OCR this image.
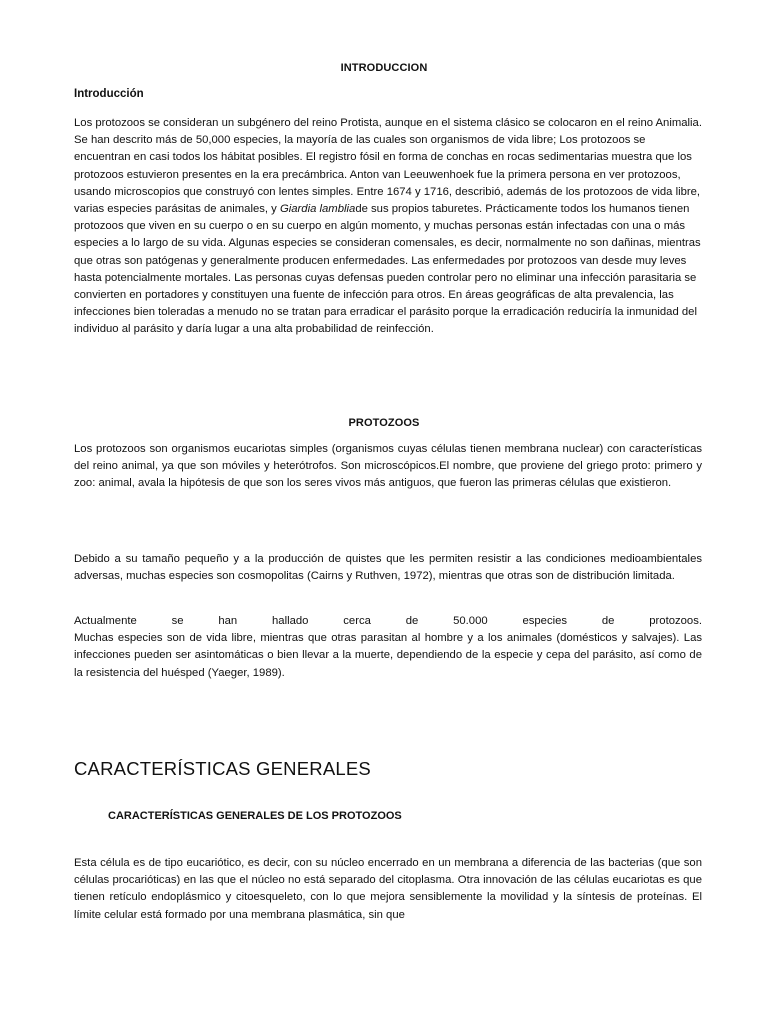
INTRODUCCION
Introducción

Los protozoos se consideran un subgénero del reino Protista, aunque en el sistema clásico se colocaron en el reino Animalia. Se han descrito más de 50,000 especies, la mayoría de las cuales son organismos de vida libre; Los protozoos se encuentran en casi todos los hábitat posibles. El registro fósil en forma de conchas en rocas sedimentarias muestra que los protozoos estuvieron presentes en la era precámbrica. Anton van Leeuwenhoek fue la primera persona en ver protozoos, usando microscopios que construyó con lentes simples. Entre 1674 y 1716, describió, además de los protozoos de vida libre, varias especies parásitas de animales, y Giardia lambliade sus propios taburetes. Prácticamente todos los humanos tienen protozoos que viven en su cuerpo o en su cuerpo en algún momento, y muchas personas están infectadas con una o más especies a lo largo de su vida. Algunas especies se consideran comensales, es decir, normalmente no son dañinas, mientras que otras son patógenas y generalmente producen enfermedades. Las enfermedades por protozoos van desde muy leves hasta potencialmente mortales. Las personas cuyas defensas pueden controlar pero no eliminar una infección parasitaria se convierten en portadores y constituyen una fuente de infección para otros. En áreas geográficas de alta prevalencia, las infecciones bien toleradas a menudo no se tratan para erradicar el parásito porque la erradicación reduciría la inmunidad del individuo al parásito y daría lugar a una alta probabilidad de reinfección.

PROTOZOOS

Los protozoos son organismos eucariotas simples (organismos cuyas células tienen membrana nuclear) con características del reino animal, ya que son móviles y heterótrofos. Son microscópicos.El nombre, que proviene del griego proto: primero y zoo: animal, avala la hipótesis de que son los seres vivos más antiguos, que fueron las primeras células que existieron.

Debido a su tamaño pequeño y a la producción de quistes que les permiten resistir a las condiciones medioambientales adversas, muchas especies son cosmopolitas (Cairns y Ruthven, 1972), mientras que otras son de distribución limitada.

Actualmente se han hallado cerca de 50.000 especies de protozoos.
Muchas especies son de vida libre, mientras que otras parasitan al hombre y a los animales (domésticos y salvajes). Las infecciones pueden ser asintomáticas o bien llevar a la muerte, dependiendo de la especie y cepa del parásito, así como de la resistencia del huésped (Yaeger, 1989).

CARACTERÍSTICAS GENERALES
CARACTERÍSTICAS GENERALES DE LOS PROTOZOOS

Esta célula es de tipo eucariótico, es decir, con su núcleo encerrado en un membrana a diferencia de las bacterias (que son células procarióticas) en las que el núcleo no está separado del citoplasma. Otra innovación de las células eucariotas es que tienen retículo endoplásmico y citoesqueleto, con lo que mejora sensiblemente la movilidad y la síntesis de proteínas. El límite celular está formado por una membrana plasmática, sin que
